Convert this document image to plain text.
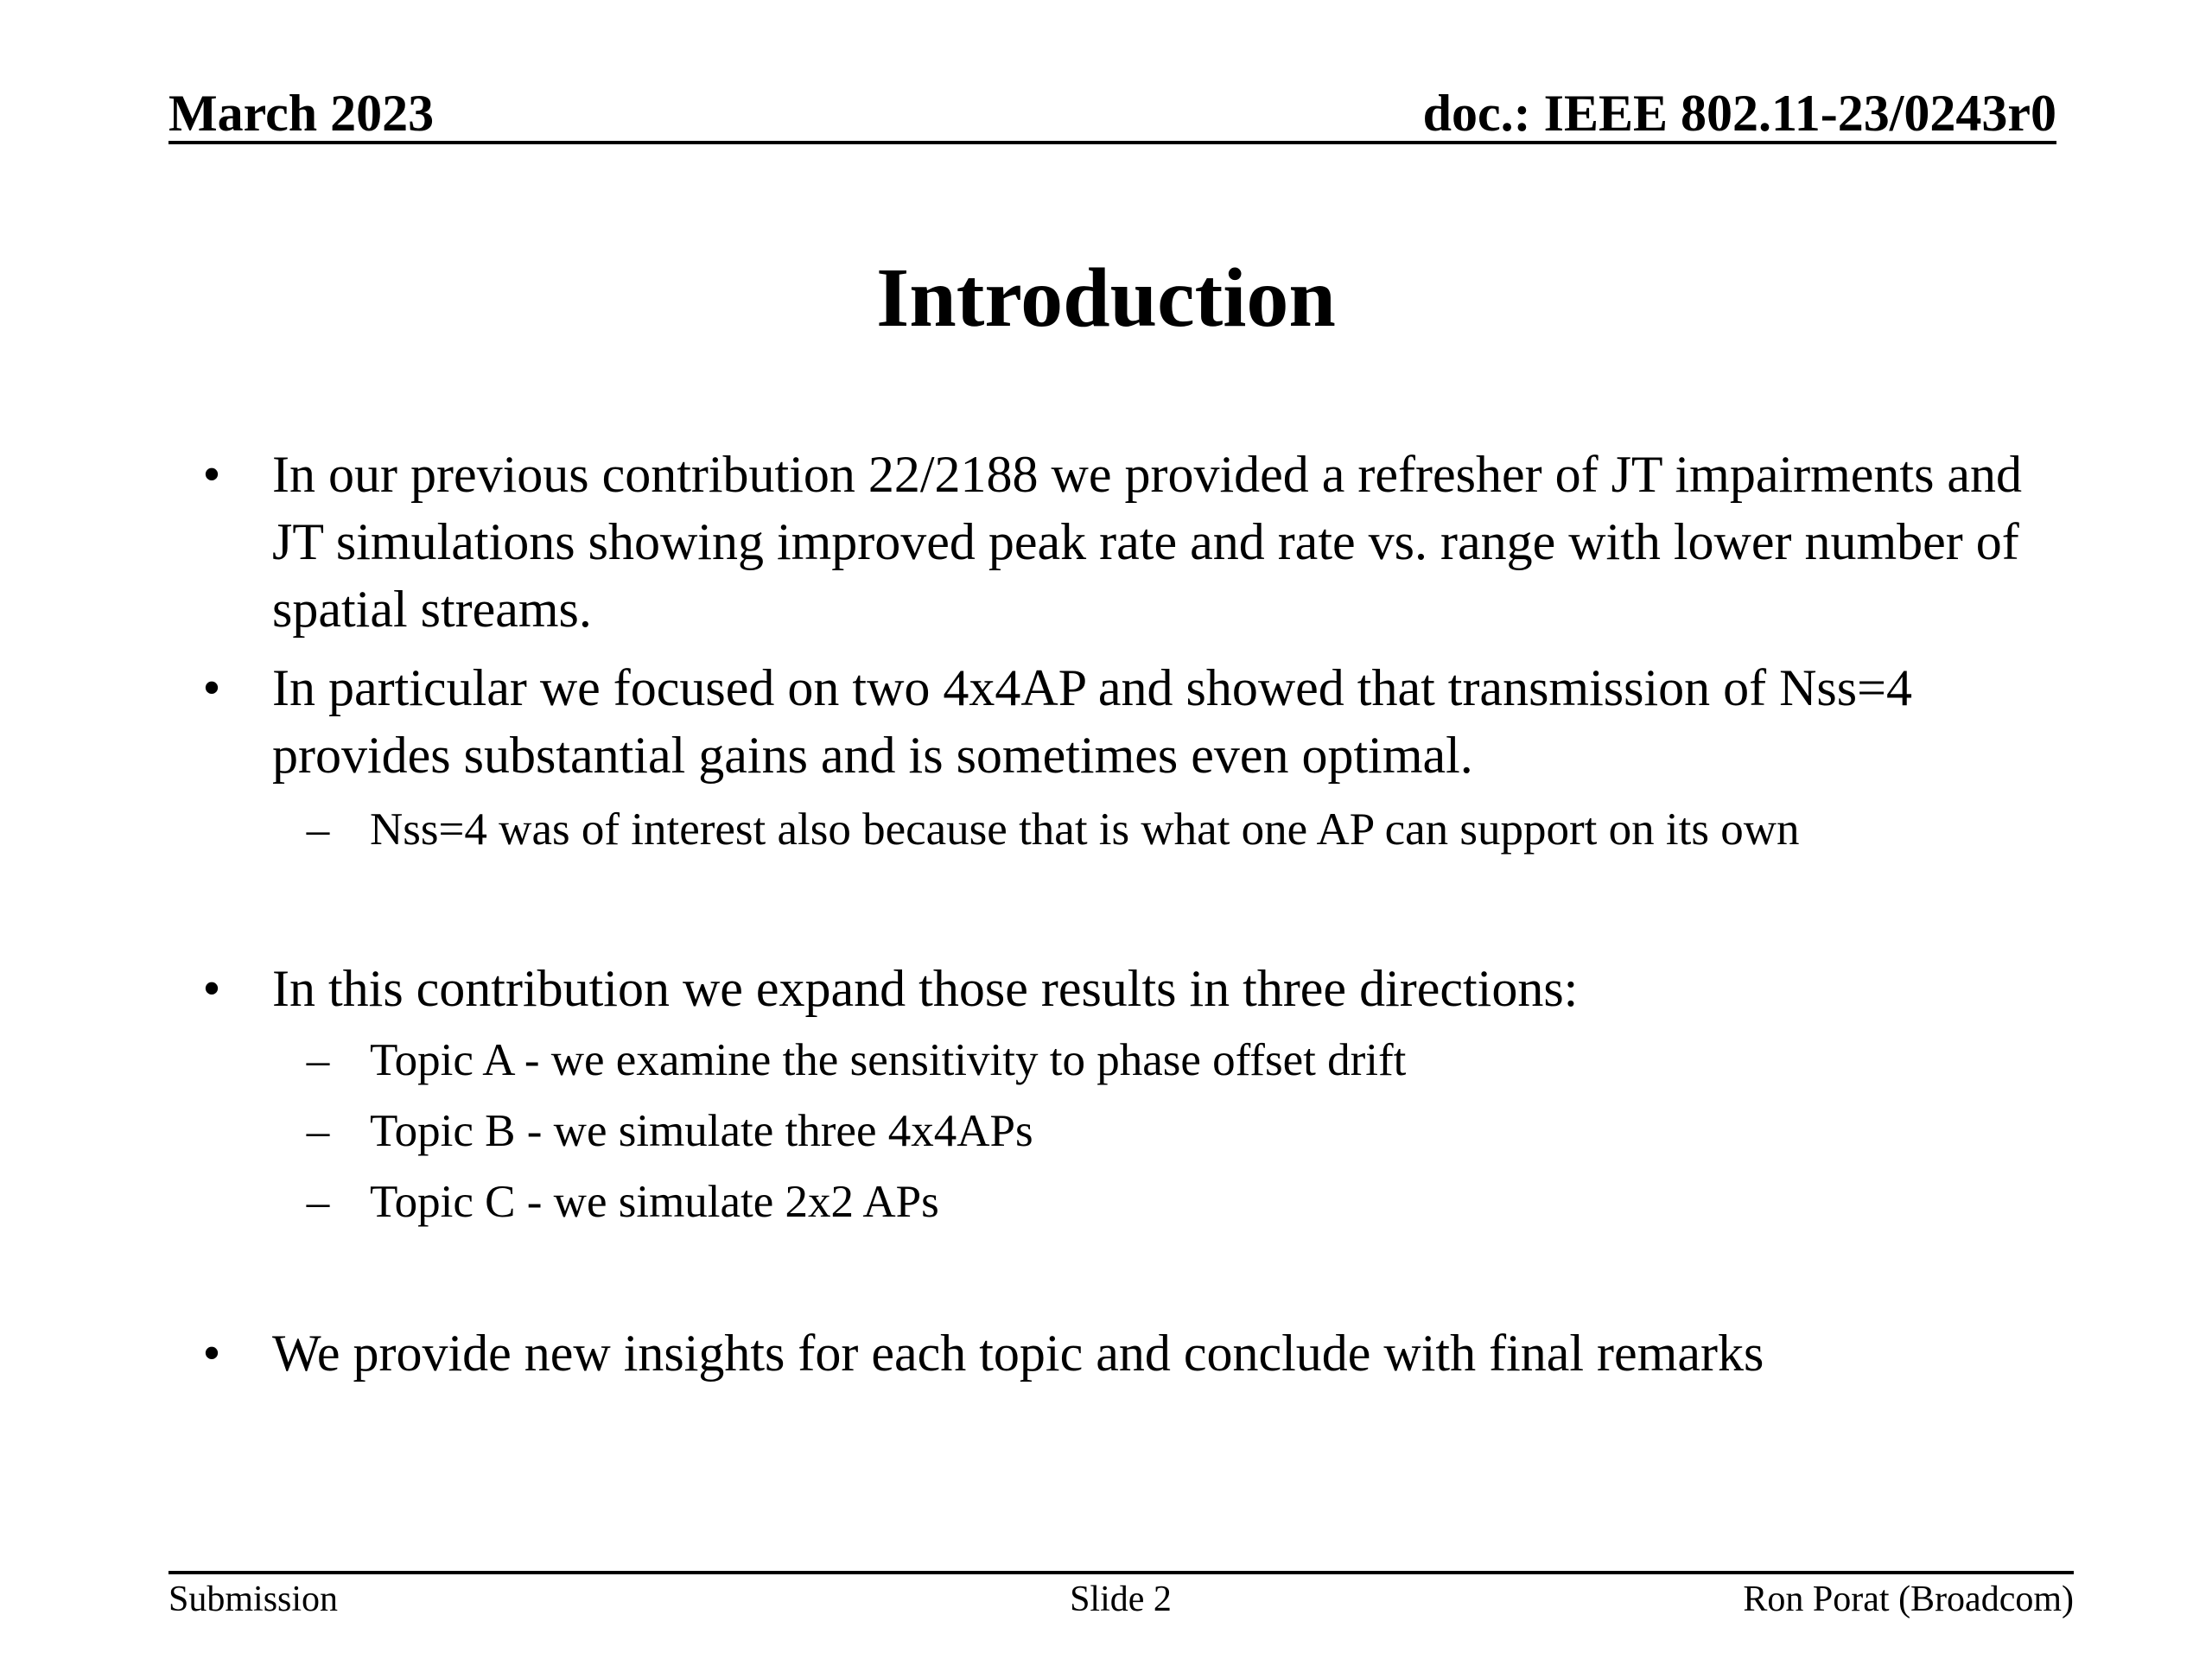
March 2023	doc.: IEEE 802.11-23/0243r0
Introduction
• In our previous contribution 22/2188 we provided a refresher of JT impairments and JT simulations showing improved peak rate and rate vs. range with lower number of spatial streams.
• In particular we focused on two 4x4AP and showed that transmission of Nss=4 provides substantial gains and is sometimes even optimal.
– Nss=4 was of interest also because that is what one AP can support on its own
• In this contribution we expand those results in three directions:
– Topic A - we examine the sensitivity to phase offset drift
– Topic B - we simulate three 4x4APs
– Topic C - we simulate 2x2 APs
• We provide new insights for each topic and conclude with final remarks
Submission	Slide 2	Ron Porat (Broadcom)
